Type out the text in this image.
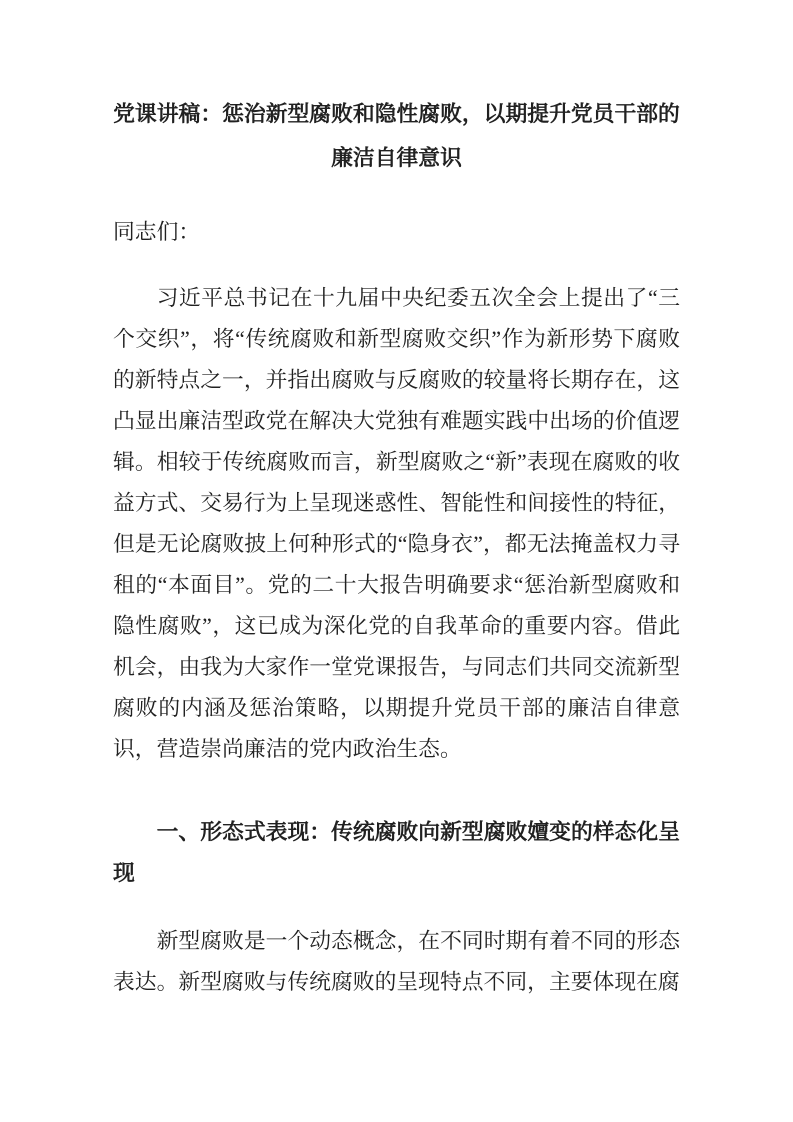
党课讲稿：惩治新型腐败和隐性腐败，以期提升党员干部的廉洁自律意识

同志们：

习近平总书记在十九届中央纪委五次全会上提出了“三个交织”，将“传统腐败和新型腐败交织”作为新形势下腐败的新特点之一，并指出腐败与反腐败的较量将长期存在，这凸显出廉洁型政党在解决大党独有难题实践中出场的价值逻辑。相较于传统腐败而言，新型腐败之“新”表现在腐败的收益方式、交易行为上呈现迷惑性、智能性和间接性的特征，但是无论腐败披上何种形式的“隐身衣”，都无法掩盖权力寻租的“本面目”。党的二十大报告明确要求“惩治新型腐败和隐性腐败”，这已成为深化党的自我革命的重要内容。借此机会，由我为大家作一堂党课报告，与同志们共同交流新型腐败的内涵及惩治策略，以期提升党员干部的廉洁自律意识，营造崇尚廉洁的党内政治生态。

一、形态式表现：传统腐败向新型腐败嬗变的样态化呈现

新型腐败是一个动态概念，在不同时期有着不同的形态表达。新型腐败与传统腐败的呈现特点不同，主要体现在腐
